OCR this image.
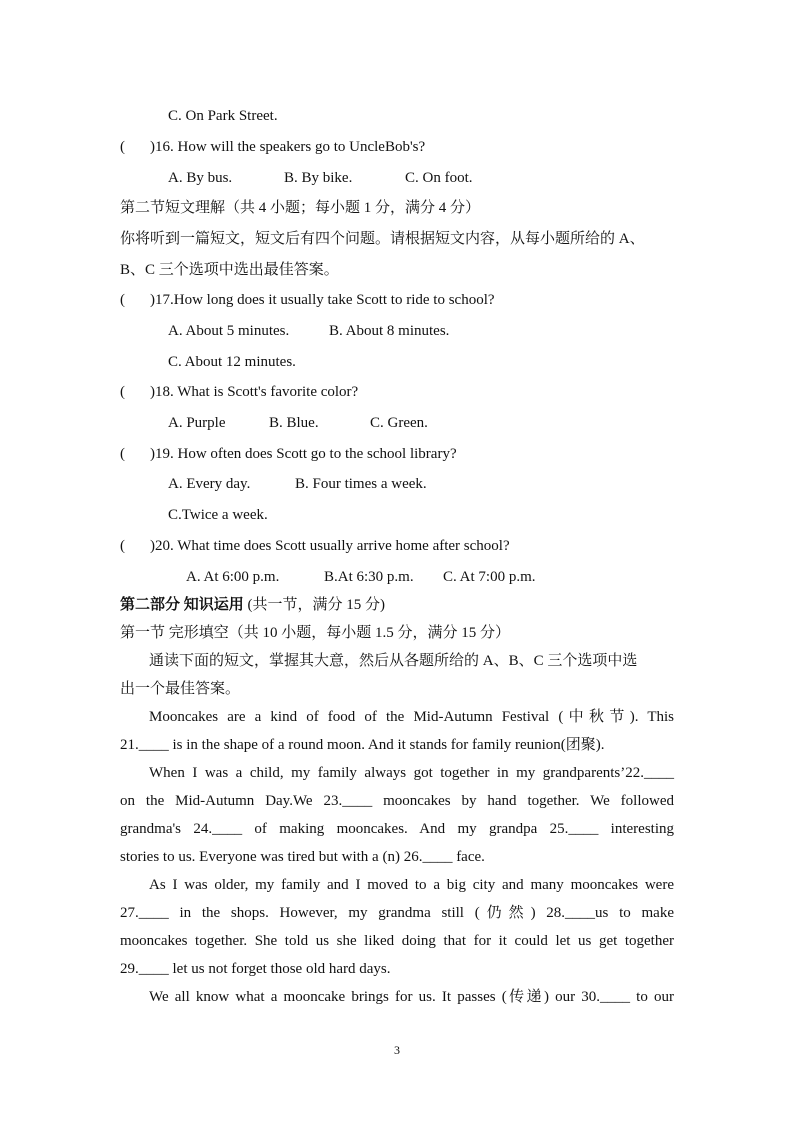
C. On Park Street.
( )16. How will the speakers go to UncleBob's?
A. By bus.	B. By bike.	C. On foot.
第二节短文理解（共 4 小题；每小题 1 分，满分 4 分）
你将听到一篇短文，短文后有四个问题。请根据短文内容，从每小题所给的 A、
B、C 三个选项中选出最佳答案。
( )17.How long does it usually take Scott to ride to school?
A. About 5 minutes.	B. About 8 minutes.
C. About 12 minutes.
( )18. What is Scott's favorite color?
A. Purple	B. Blue.	C. Green.
( )19. How often does Scott go to the school library?
A. Every day.	B. Four times a week.
C.Twice a week.
( )20. What time does Scott usually arrive home after school?
A. At 6:00 p.m.	B.At 6:30 p.m. C. At 7:00 p.m.
第二部分 知识运用 (共一节，满分 15 分)
第一节 完形填空（共 10 小题，每小题 1.5 分，满分 15 分）
通读下面的短文，掌握其大意，然后从各题所给的 A、B、C 三个选项中选
出一个最佳答案。
Mooncakes are a kind of food of the Mid-Autumn Festival (中秋节). This
21.____ is in the shape of a round moon. And it stands for family reunion(团聚).
When I was a child, my family always got together in my grandparents’22.____
on the Mid-Autumn Day.We 23.____ mooncakes by hand together. We followed
grandma's 24.____ of making mooncakes. And my grandpa 25.____ interesting
stories to us. Everyone was tired but with a (n) 26.____ face.
As I was older, my family and I moved to a big city and many mooncakes were
27.____ in the shops. However, my grandma still (仍然) 28.____us to make
mooncakes together. She told us she liked doing that for it could let us get together
29.____ let us not forget those old hard days.
We all know what a mooncake brings for us. It passes (传递) our 30.____ to our
3
